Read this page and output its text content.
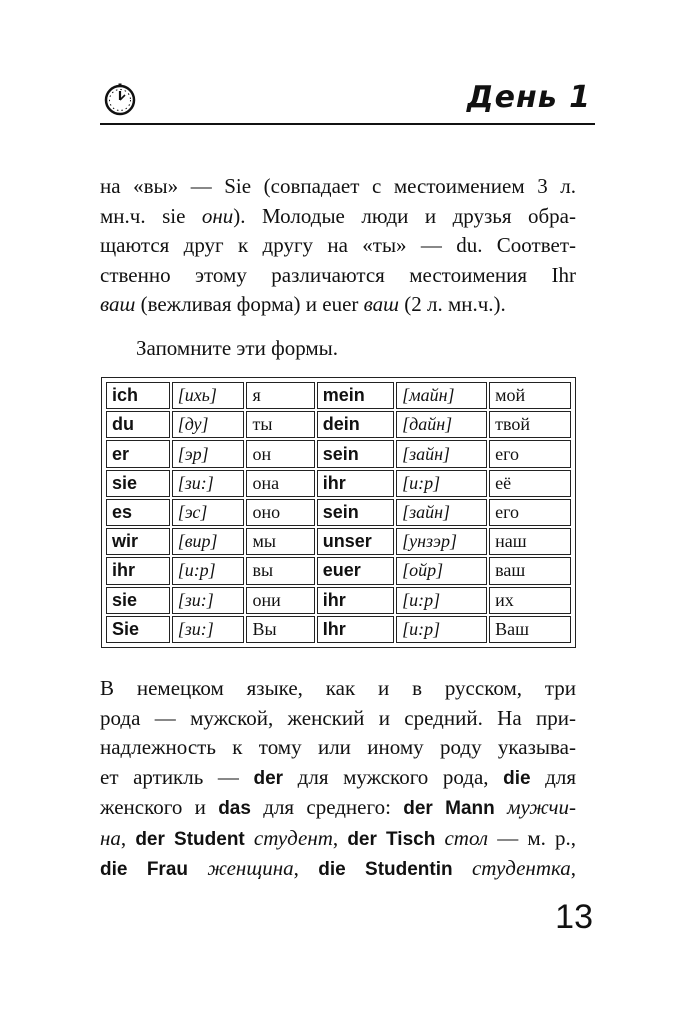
День 1
на «вы» — Sie (совпадает с местоимением 3 л.
мн.ч. sie они). Молодые люди и друзья обра-
щаются друг к другу на «ты» — du. Соответ-
ственно этому различаются местоимения Ihr
ваш (вежливая форма) и euer ваш (2 л. мн.ч.).
Запомните эти формы.
ich	[ихь]	я	mein	[майн]	мой
du	[ду]	ты	dein	[дайн]	твой
er	[эр]	он	sein	[зайн]	его
sie	[зи:]	она	ihr	[и:р]	её
es	[эс]	оно	sein	[зайн]	его
wir	[вир]	мы	unser	[унзэр]	наш
ihr	[и:р]	вы	euer	[ойр]	ваш
sie	[зи:]	они	ihr	[и:р]	их
Sie	[зи:]	Вы	Ihr	[и:р]	Ваш
В немецком языке, как и в русском, три
рода — мужской, женский и средний. На при-
надлежность к тому или иному роду указыва-
ет артикль — der для мужского рода, die для
женского и das для среднего: der Mann мужчи-
на, der Student студент, der Tisch стол — м. р.,
die Frau женщина, die Studentin студентка,
13
